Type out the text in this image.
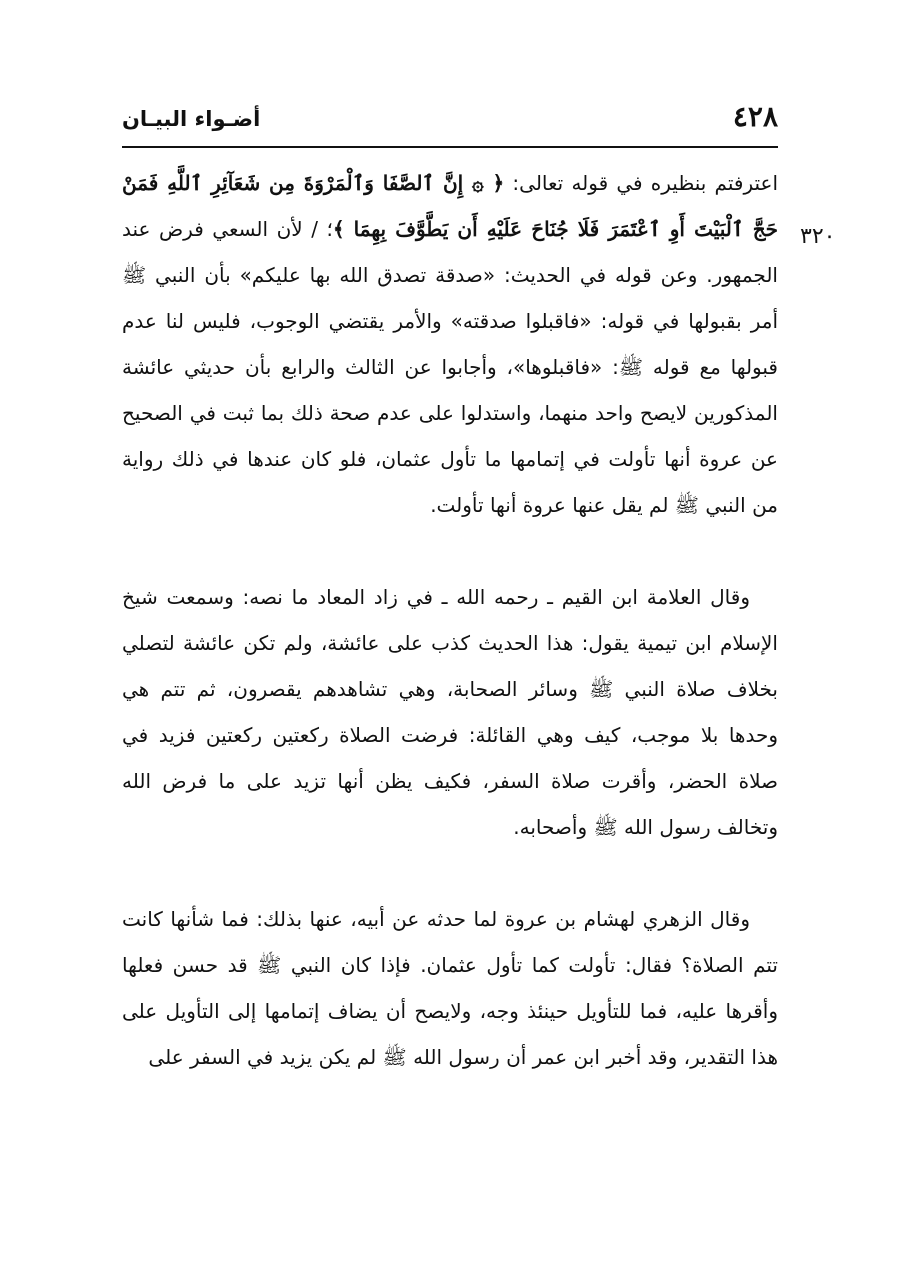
٤٢٨
أضـواء البيـان
٣٢٠

اعترفتم بنظيره في قوله تعالى: ﴿ ۞ إِنَّ ٱلصَّفَا وَٱلْمَرْوَةَ مِن شَعَآئِرِ ٱللَّهِ فَمَنْ حَجَّ ٱلْبَيْتَ أَوِ ٱعْتَمَرَ فَلَا جُنَاحَ عَلَيْهِ أَن يَطَّوَّفَ بِهِمَا ﴾؛ / لأن السعي فرض عند الجمهور. وعن قوله في الحديث: «صدقة تصدق الله بها عليكم» بأن النبي ﷺ أمر بقبولها في قوله: «فاقبلوا صدقته» والأمر يقتضي الوجوب، فليس لنا عدم قبولها مع قوله ﷺ: «فاقبلوها»، وأجابوا عن الثالث والرابع بأن حديثي عائشة المذكورين لايصح واحد منهما، واستدلوا على عدم صحة ذلك بما ثبت في الصحيح عن عروة أنها تأولت في إتمامها ما تأول عثمان، فلو كان عندها في ذلك رواية من النبي ﷺ لم يقل عنها عروة أنها تأولت.

وقال العلامة ابن القيم ـ رحمه الله ـ في زاد المعاد ما نصه: وسمعت شيخ الإسلام ابن تيمية يقول: هذا الحديث كذب على عائشة، ولم تكن عائشة لتصلي بخلاف صلاة النبي ﷺ وسائر الصحابة، وهي تشاهدهم يقصرون، ثم تتم هي وحدها بلا موجب، كيف وهي القائلة: فرضت الصلاة ركعتين ركعتين فزيد في صلاة الحضر، وأقرت صلاة السفر، فكيف يظن أنها تزيد على ما فرض الله وتخالف رسول الله ﷺ وأصحابه.

وقال الزهري لهشام بن عروة لما حدثه عن أبيه، عنها بذلك: فما شأنها كانت تتم الصلاة؟ فقال: تأولت كما تأول عثمان. فإذا كان النبي ﷺ قد حسن فعلها وأقرها عليه، فما للتأويل حينئذ وجه، ولايصح أن يضاف إتمامها إلى التأويل على هذا التقدير، وقد أخبر ابن عمر أن رسول الله ﷺ لم يكن يزيد في السفر على
